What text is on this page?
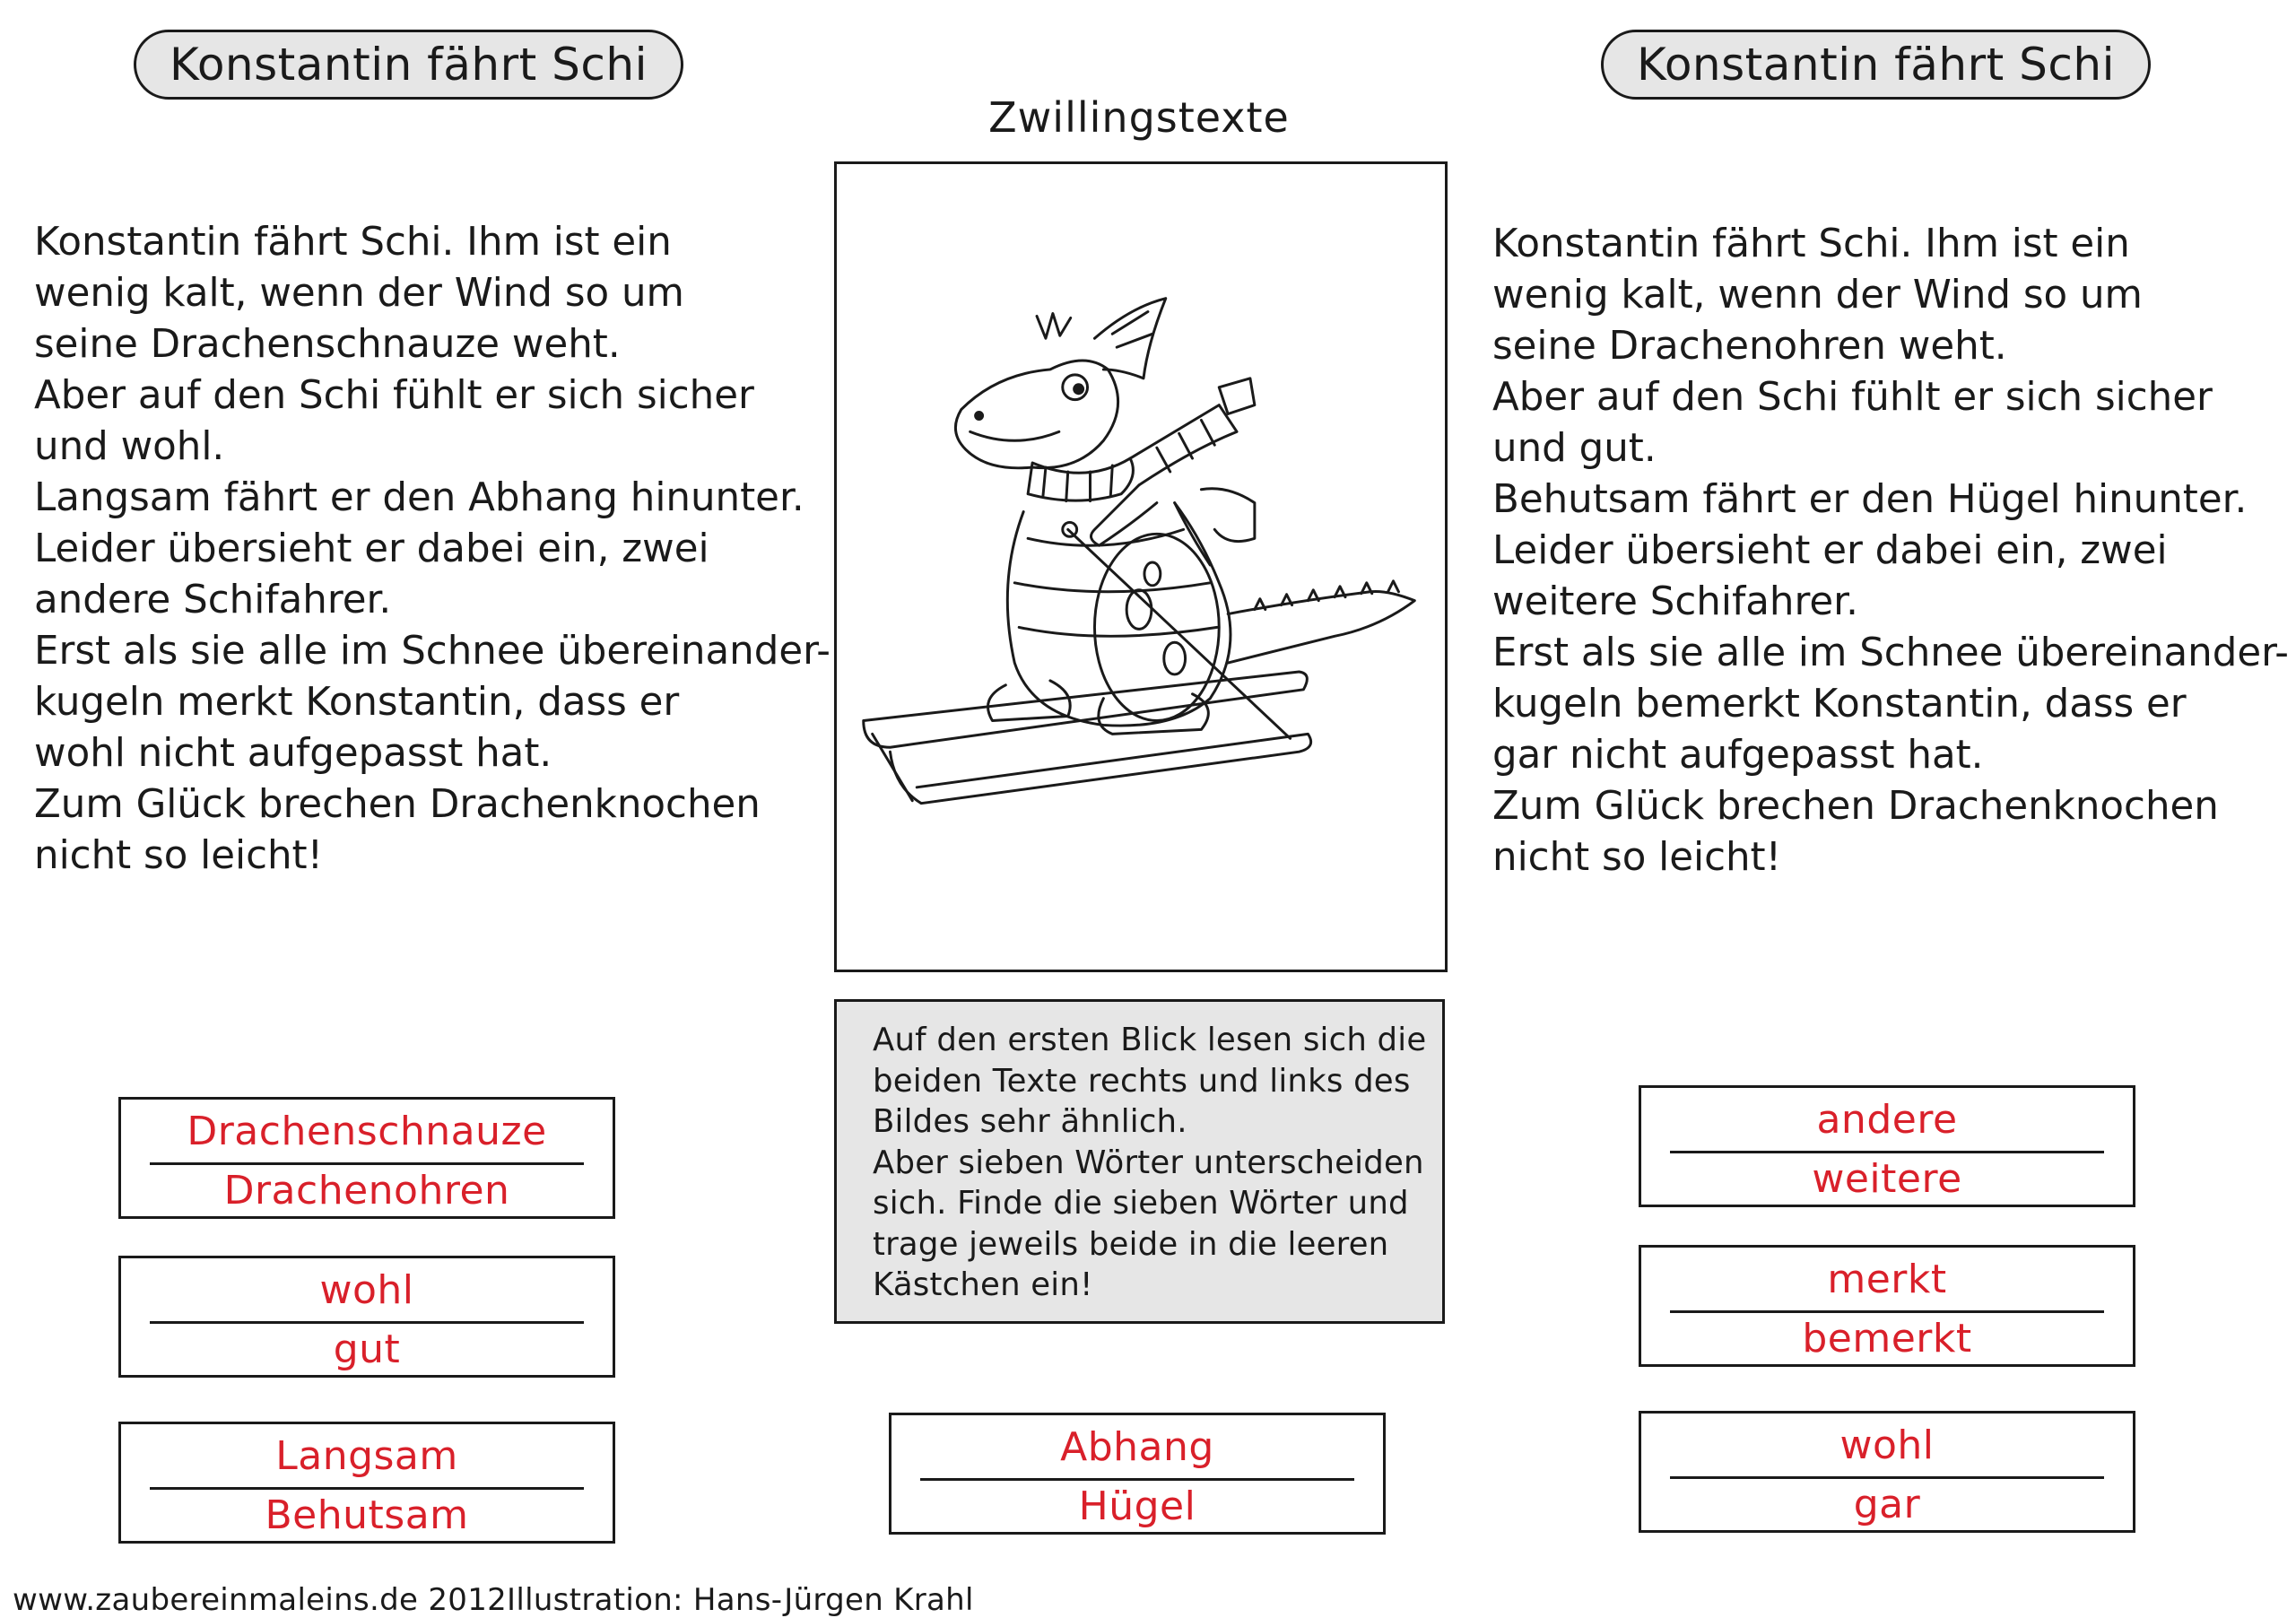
Konstantin fährt Schi	Konstantin fährt Schi
Zwillingstexte
Konstantin fährt Schi. Ihm ist ein
wenig kalt, wenn der Wind so um
seine Drachenschnauze weht.
Aber auf den Schi fühlt er sich sicher
und wohl.
Langsam fährt er den Abhang hinunter.
Leider übersieht er dabei ein, zwei
andere Schifahrer.
Erst als sie alle im Schnee übereinander-
kugeln merkt Konstantin, dass er
wohl nicht aufgepasst hat.
Zum Glück brechen Drachenknochen
nicht so leicht!
Konstantin fährt Schi. Ihm ist ein
wenig kalt, wenn der Wind so um
seine Drachenohren weht.
Aber auf den Schi fühlt er sich sicher
und gut.
Behutsam fährt er den Hügel hinunter.
Leider übersieht er dabei ein, zwei
weitere Schifahrer.
Erst als sie alle im Schnee übereinander-
kugeln bemerkt Konstantin, dass er
gar nicht aufgepasst hat.
Zum Glück brechen Drachenknochen
nicht so leicht!
Auf den ersten Blick lesen sich die
beiden Texte rechts und links des
Bildes sehr ähnlich.
Aber sieben Wörter unterscheiden
sich. Finde die sieben Wörter und
trage jeweils beide in die leeren
Kästchen ein!
Drachenschnauze
Drachenohren
wohl
gut
Langsam
Behutsam
Abhang
Hügel
andere
weitere
merkt
bemerkt
wohl
gar
www.zaubereinmaleins.de 2012 Illustration: Hans-Jürgen Krahl
